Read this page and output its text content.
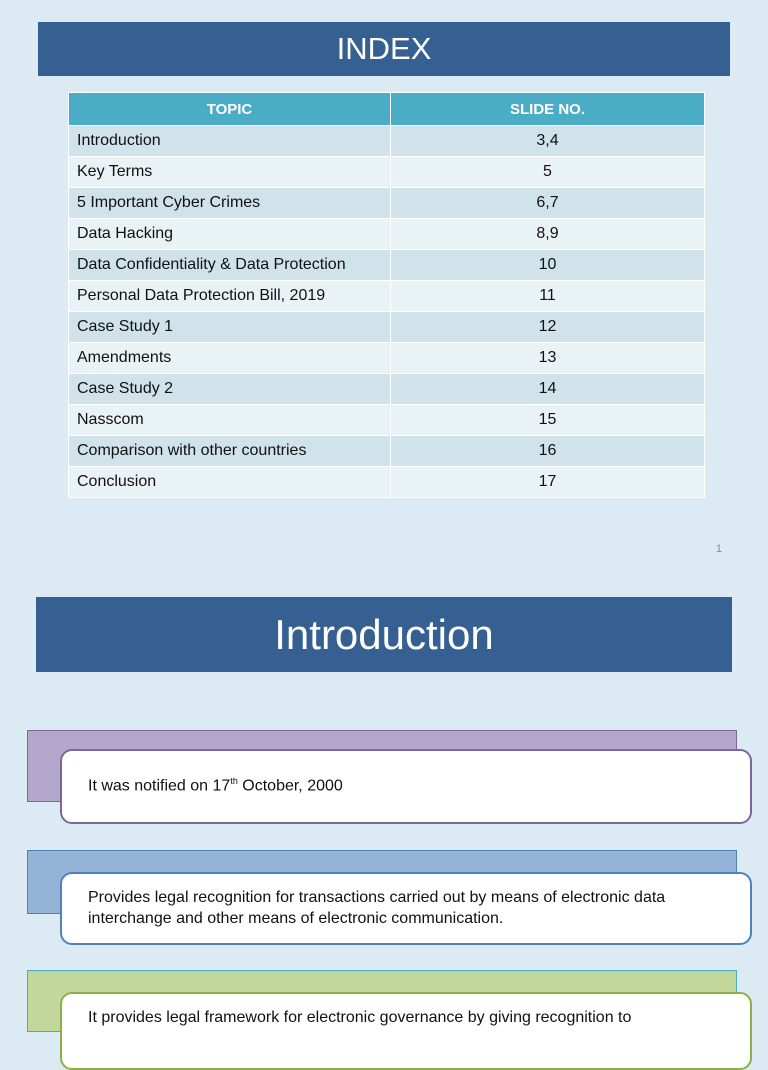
INDEX
TOPIC	SLIDE NO.
Introduction	3,4
Key Terms	5
5 Important Cyber Crimes	6,7
Data Hacking	8,9
Data Confidentiality & Data Protection	10
Personal Data Protection Bill, 2019	11
Case Study 1	12
Amendments	13
Case Study 2	14
Nasscom	15
Comparison with other countries	16
Conclusion	17
1
Introduction
It was notified on 17th October, 2000
Provides legal recognition for transactions carried out by means of electronic data interchange and other means of electronic communication.
It provides legal framework for electronic governance by giving recognition to
